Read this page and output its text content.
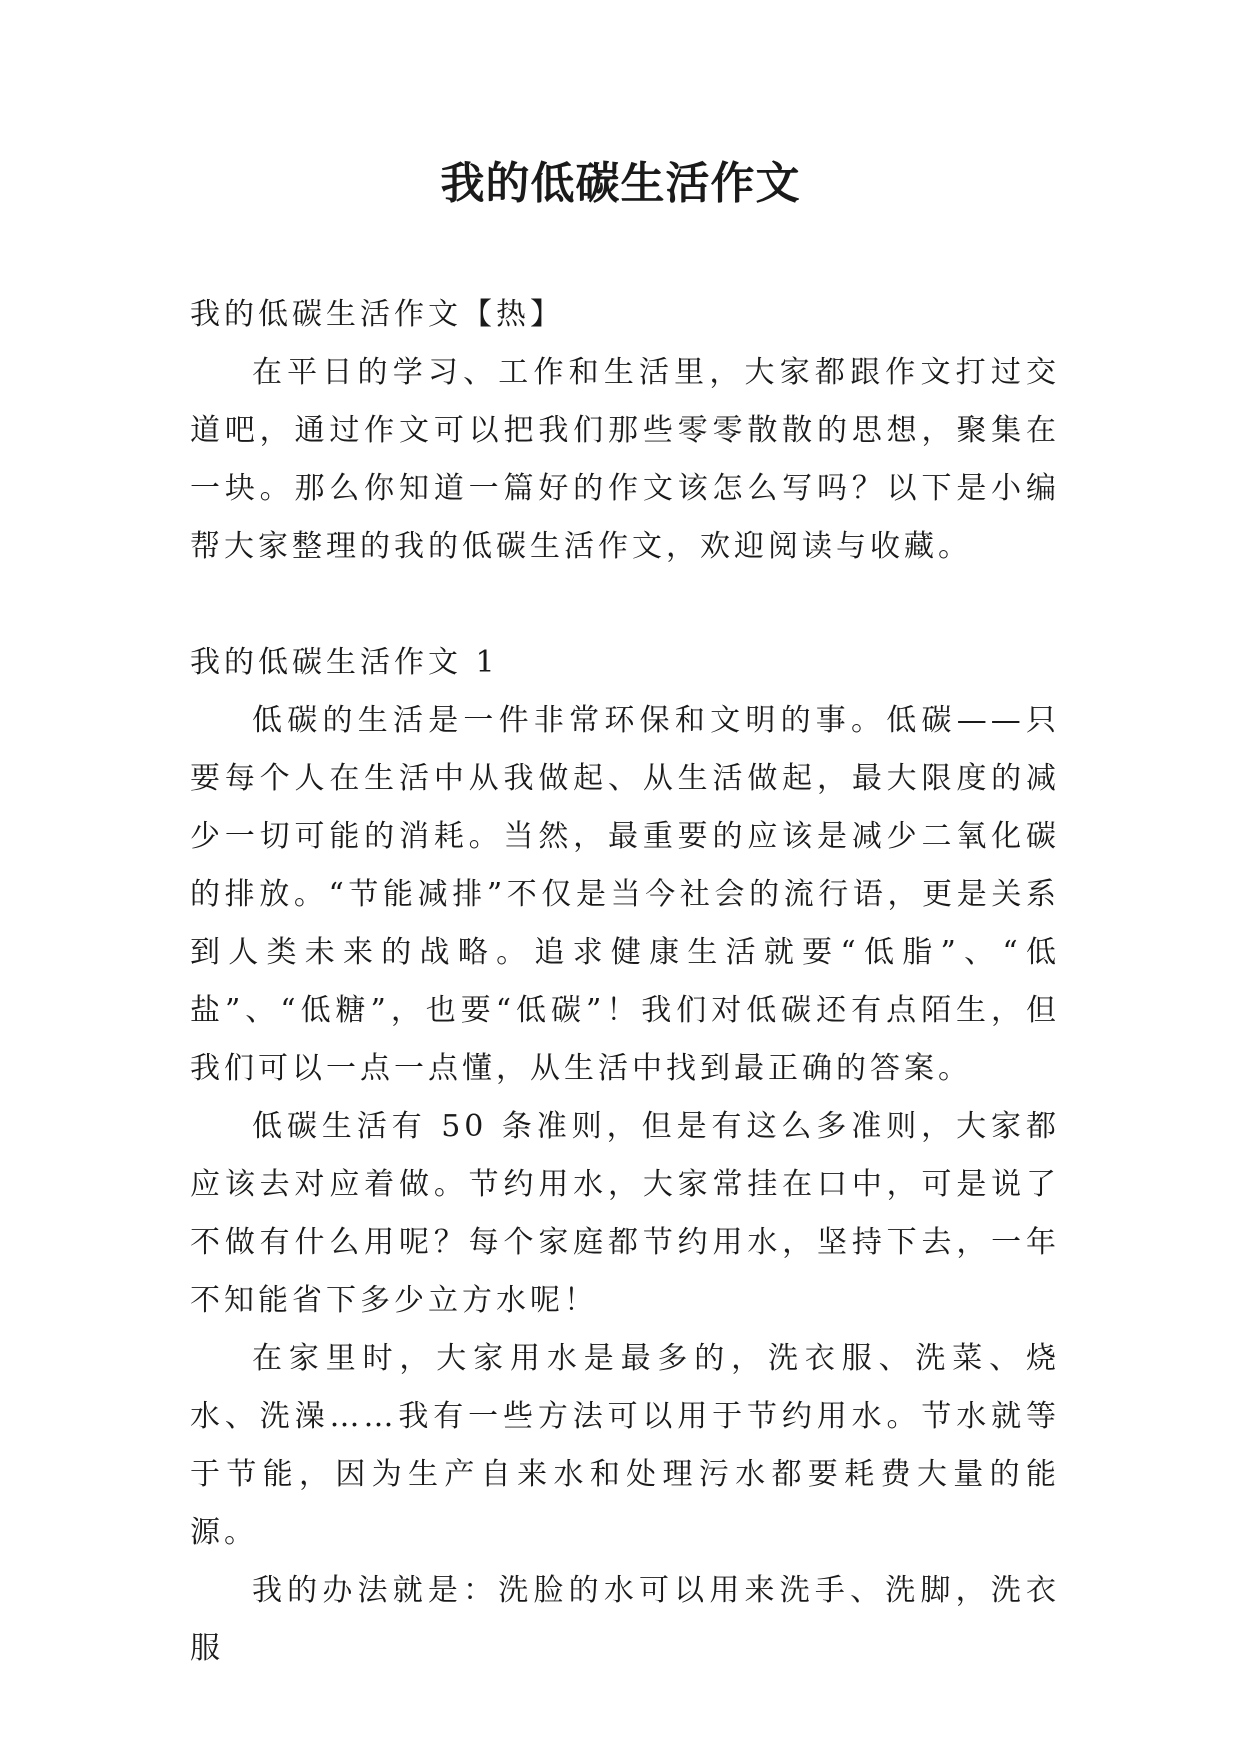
我的低碳生活作文

我的低碳生活作文【热】

在平日的学习、工作和生活里，大家都跟作文打过交道吧，通过作文可以把我们那些零零散散的思想，聚集在一块。那么你知道一篇好的作文该怎么写吗？以下是小编帮大家整理的我的低碳生活作文，欢迎阅读与收藏。

我的低碳生活作文 1

低碳的生活是一件非常环保和文明的事。低碳——只要每个人在生活中从我做起、从生活做起，最大限度的减少一切可能的消耗。当然，最重要的应该是减少二氧化碳的排放。“节能减排”不仅是当今社会的流行语，更是关系到人类未来的战略。追求健康生活就要“低脂”、“低盐”、“低糖”，也要“低碳”！我们对低碳还有点陌生，但我们可以一点一点懂，从生活中找到最正确的答案。

低碳生活有 50 条准则，但是有这么多准则，大家都应该去对应着做。节约用水，大家常挂在口中，可是说了不做有什么用呢？每个家庭都节约用水，坚持下去，一年不知能省下多少立方水呢！

在家里时，大家用水是最多的，洗衣服、洗菜、烧水、洗澡……我有一些方法可以用于节约用水。节水就等于节能，因为生产自来水和处理污水都要耗费大量的能源。

我的办法就是：洗脸的水可以用来洗手、洗脚，洗衣服
